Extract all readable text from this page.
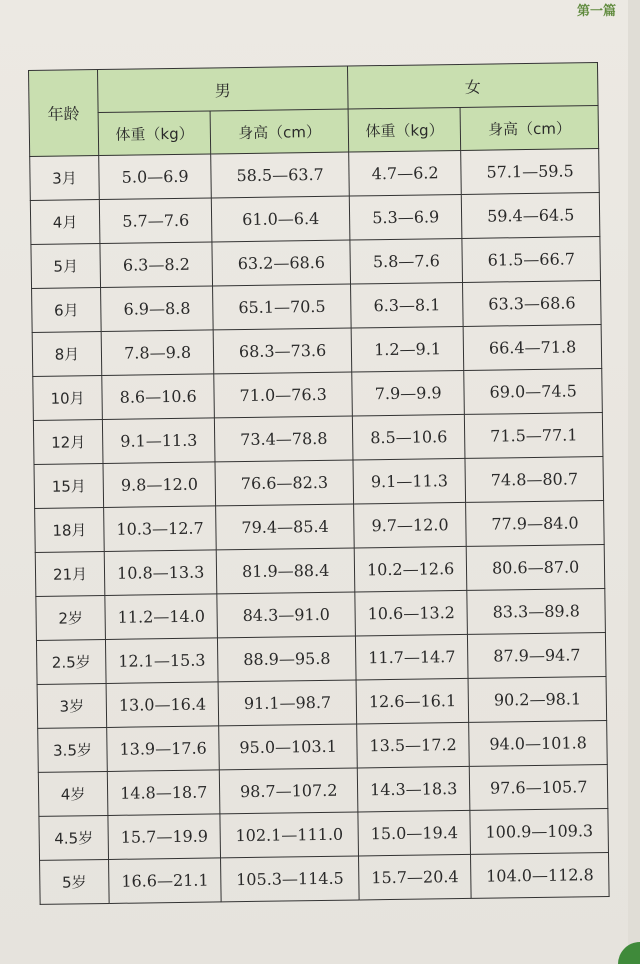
第一篇
年龄	男		女	
	体重（kg）	身高（cm）	体重（kg）	身高（cm）
3月	5.0—6.9	58.5—63.7	4.7—6.2	57.1—59.5
4月	5.7—7.6	61.0—6.4	5.3—6.9	59.4—64.5
5月	6.3—8.2	63.2—68.6	5.8—7.6	61.5—66.7
6月	6.9—8.8	65.1—70.5	6.3—8.1	63.3—68.6
8月	7.8—9.8	68.3—73.6	1.2—9.1	66.4—71.8
10月	8.6—10.6	71.0—76.3	7.9—9.9	69.0—74.5
12月	9.1—11.3	73.4—78.8	8.5—10.6	71.5—77.1
15月	9.8—12.0	76.6—82.3	9.1—11.3	74.8—80.7
18月	10.3—12.7	79.4—85.4	9.7—12.0	77.9—84.0
21月	10.8—13.3	81.9—88.4	10.2—12.6	80.6—87.0
2岁	11.2—14.0	84.3—91.0	10.6—13.2	83.3—89.8
2.5岁	12.1—15.3	88.9—95.8	11.7—14.7	87.9—94.7
3岁	13.0—16.4	91.1—98.7	12.6—16.1	90.2—98.1
3.5岁	13.9—17.6	95.0—103.1	13.5—17.2	94.0—101.8
4岁	14.8—18.7	98.7—107.2	14.3—18.3	97.6—105.7
4.5岁	15.7—19.9	102.1—111.0	15.0—19.4	100.9—109.3
5岁	16.6—21.1	105.3—114.5	15.7—20.4	104.0—112.8
